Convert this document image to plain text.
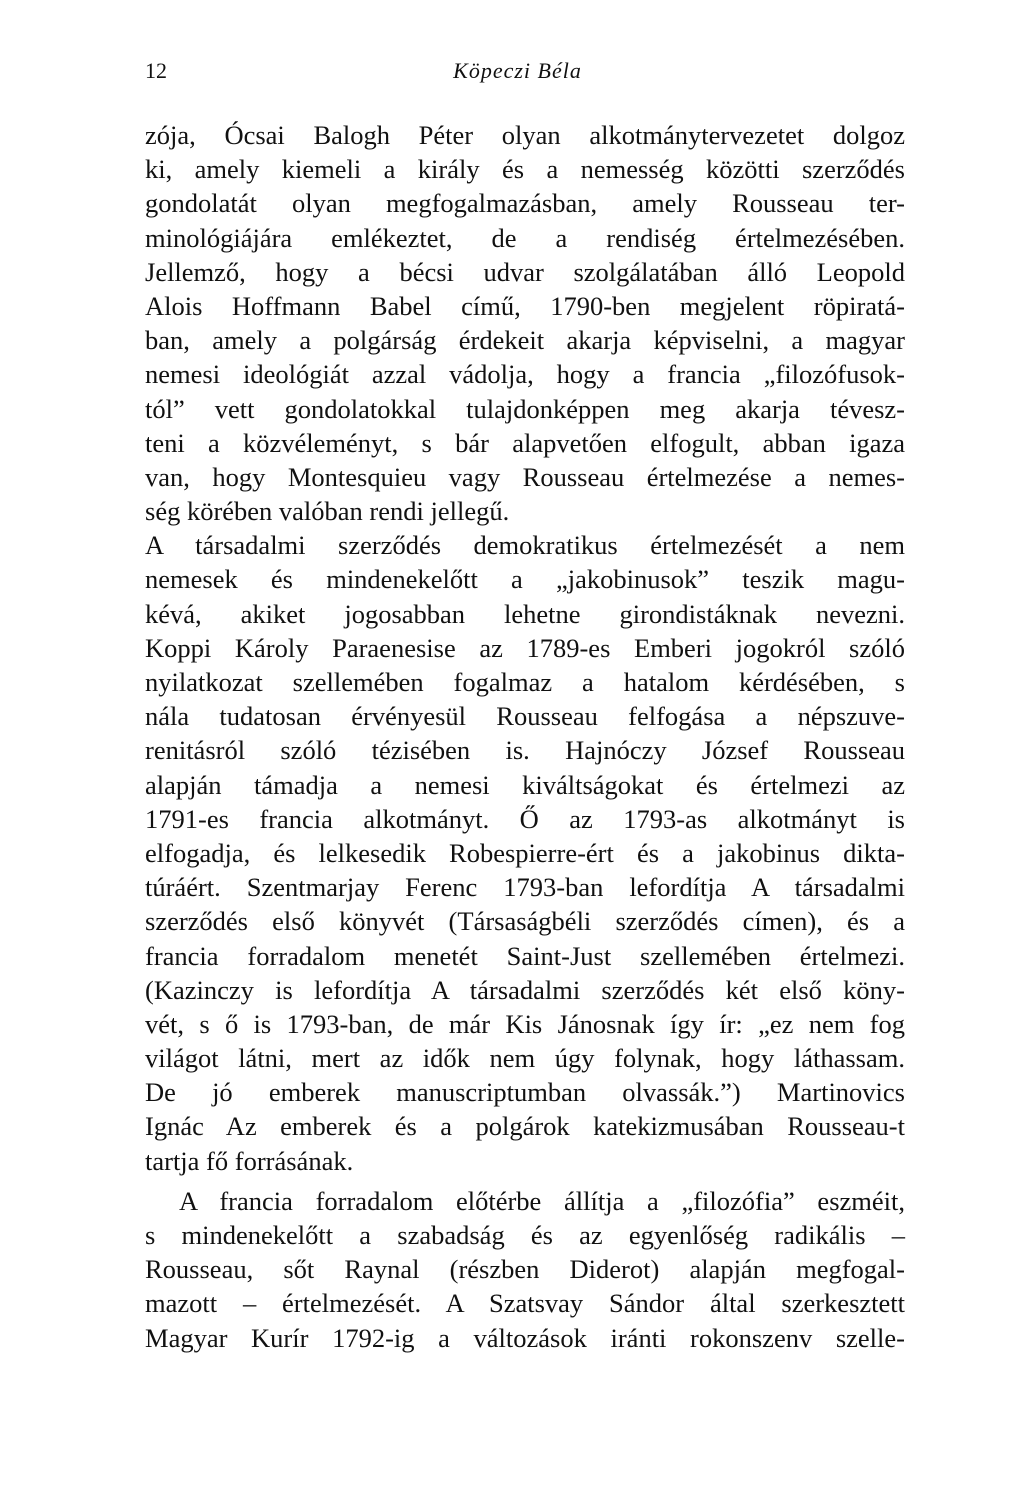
12	Köpeczi Béla
zója, Ócsai Balogh Péter olyan alkotmánytervezetet dolgoz
ki, amely kiemeli a király és a nemesség közötti szerződés
gondolatát olyan megfogalmazásban, amely Rousseau ter-
minológiájára emlékeztet, de a rendiség értelmezésében.
Jellemző, hogy a bécsi udvar szolgálatában álló Leopold
Alois Hoffmann Babel című, 1790-ben megjelent röpiratá-
ban, amely a polgárság érdekeit akarja képviselni, a magyar
nemesi ideológiát azzal vádolja, hogy a francia „filozófusok-
tól” vett gondolatokkal tulajdonképpen meg akarja tévesz-
teni a közvéleményt, s bár alapvetően elfogult, abban igaza
van, hogy Montesquieu vagy Rousseau értelmezése a nemes-
ség körében valóban rendi jellegű.
A társadalmi szerződés demokratikus értelmezését a nem
nemesek és mindenekelőtt a „jakobinusok” teszik magu-
kévá, akiket jogosabban lehetne girondistáknak nevezni.
Koppi Károly Paraenesise az 1789-es Emberi jogokról szóló
nyilatkozat szellemében fogalmaz a hatalom kérdésében, s
nála tudatosan érvényesül Rousseau felfogása a népszuve-
renitásról szóló tézisében is. Hajnóczy József Rousseau
alapján támadja a nemesi kiváltságokat és értelmezi az
1791-es francia alkotmányt. Ő az 1793-as alkotmányt is
elfogadja, és lelkesedik Robespierre-ért és a jakobinus dikta-
túráért. Szentmarjay Ferenc 1793-ban lefordítja A társadalmi
szerződés első könyvét (Társaságbéli szerződés címen), és a
francia forradalom menetét Saint-Just szellemében értelmezi.
(Kazinczy is lefordítja A társadalmi szerződés két első köny-
vét, s ő is 1793-ban, de már Kis Jánosnak így ír: „ez nem fog
világot látni, mert az idők nem úgy folynak, hogy láthassam.
De jó emberek manuscriptumban olvassák.”) Martinovics
Ignác Az emberek és a polgárok katekizmusában Rousseau-t
tartja fő forrásának.
A francia forradalom előtérbe állítja a „filozófia” eszméit,
s mindenekelőtt a szabadság és az egyenlőség radikális –
Rousseau, sőt Raynal (részben Diderot) alapján megfogal-
mazott – értelmezését. A Szatsvay Sándor által szerkesztett
Magyar Kurír 1792-ig a változások iránti rokonszenv szelle-
